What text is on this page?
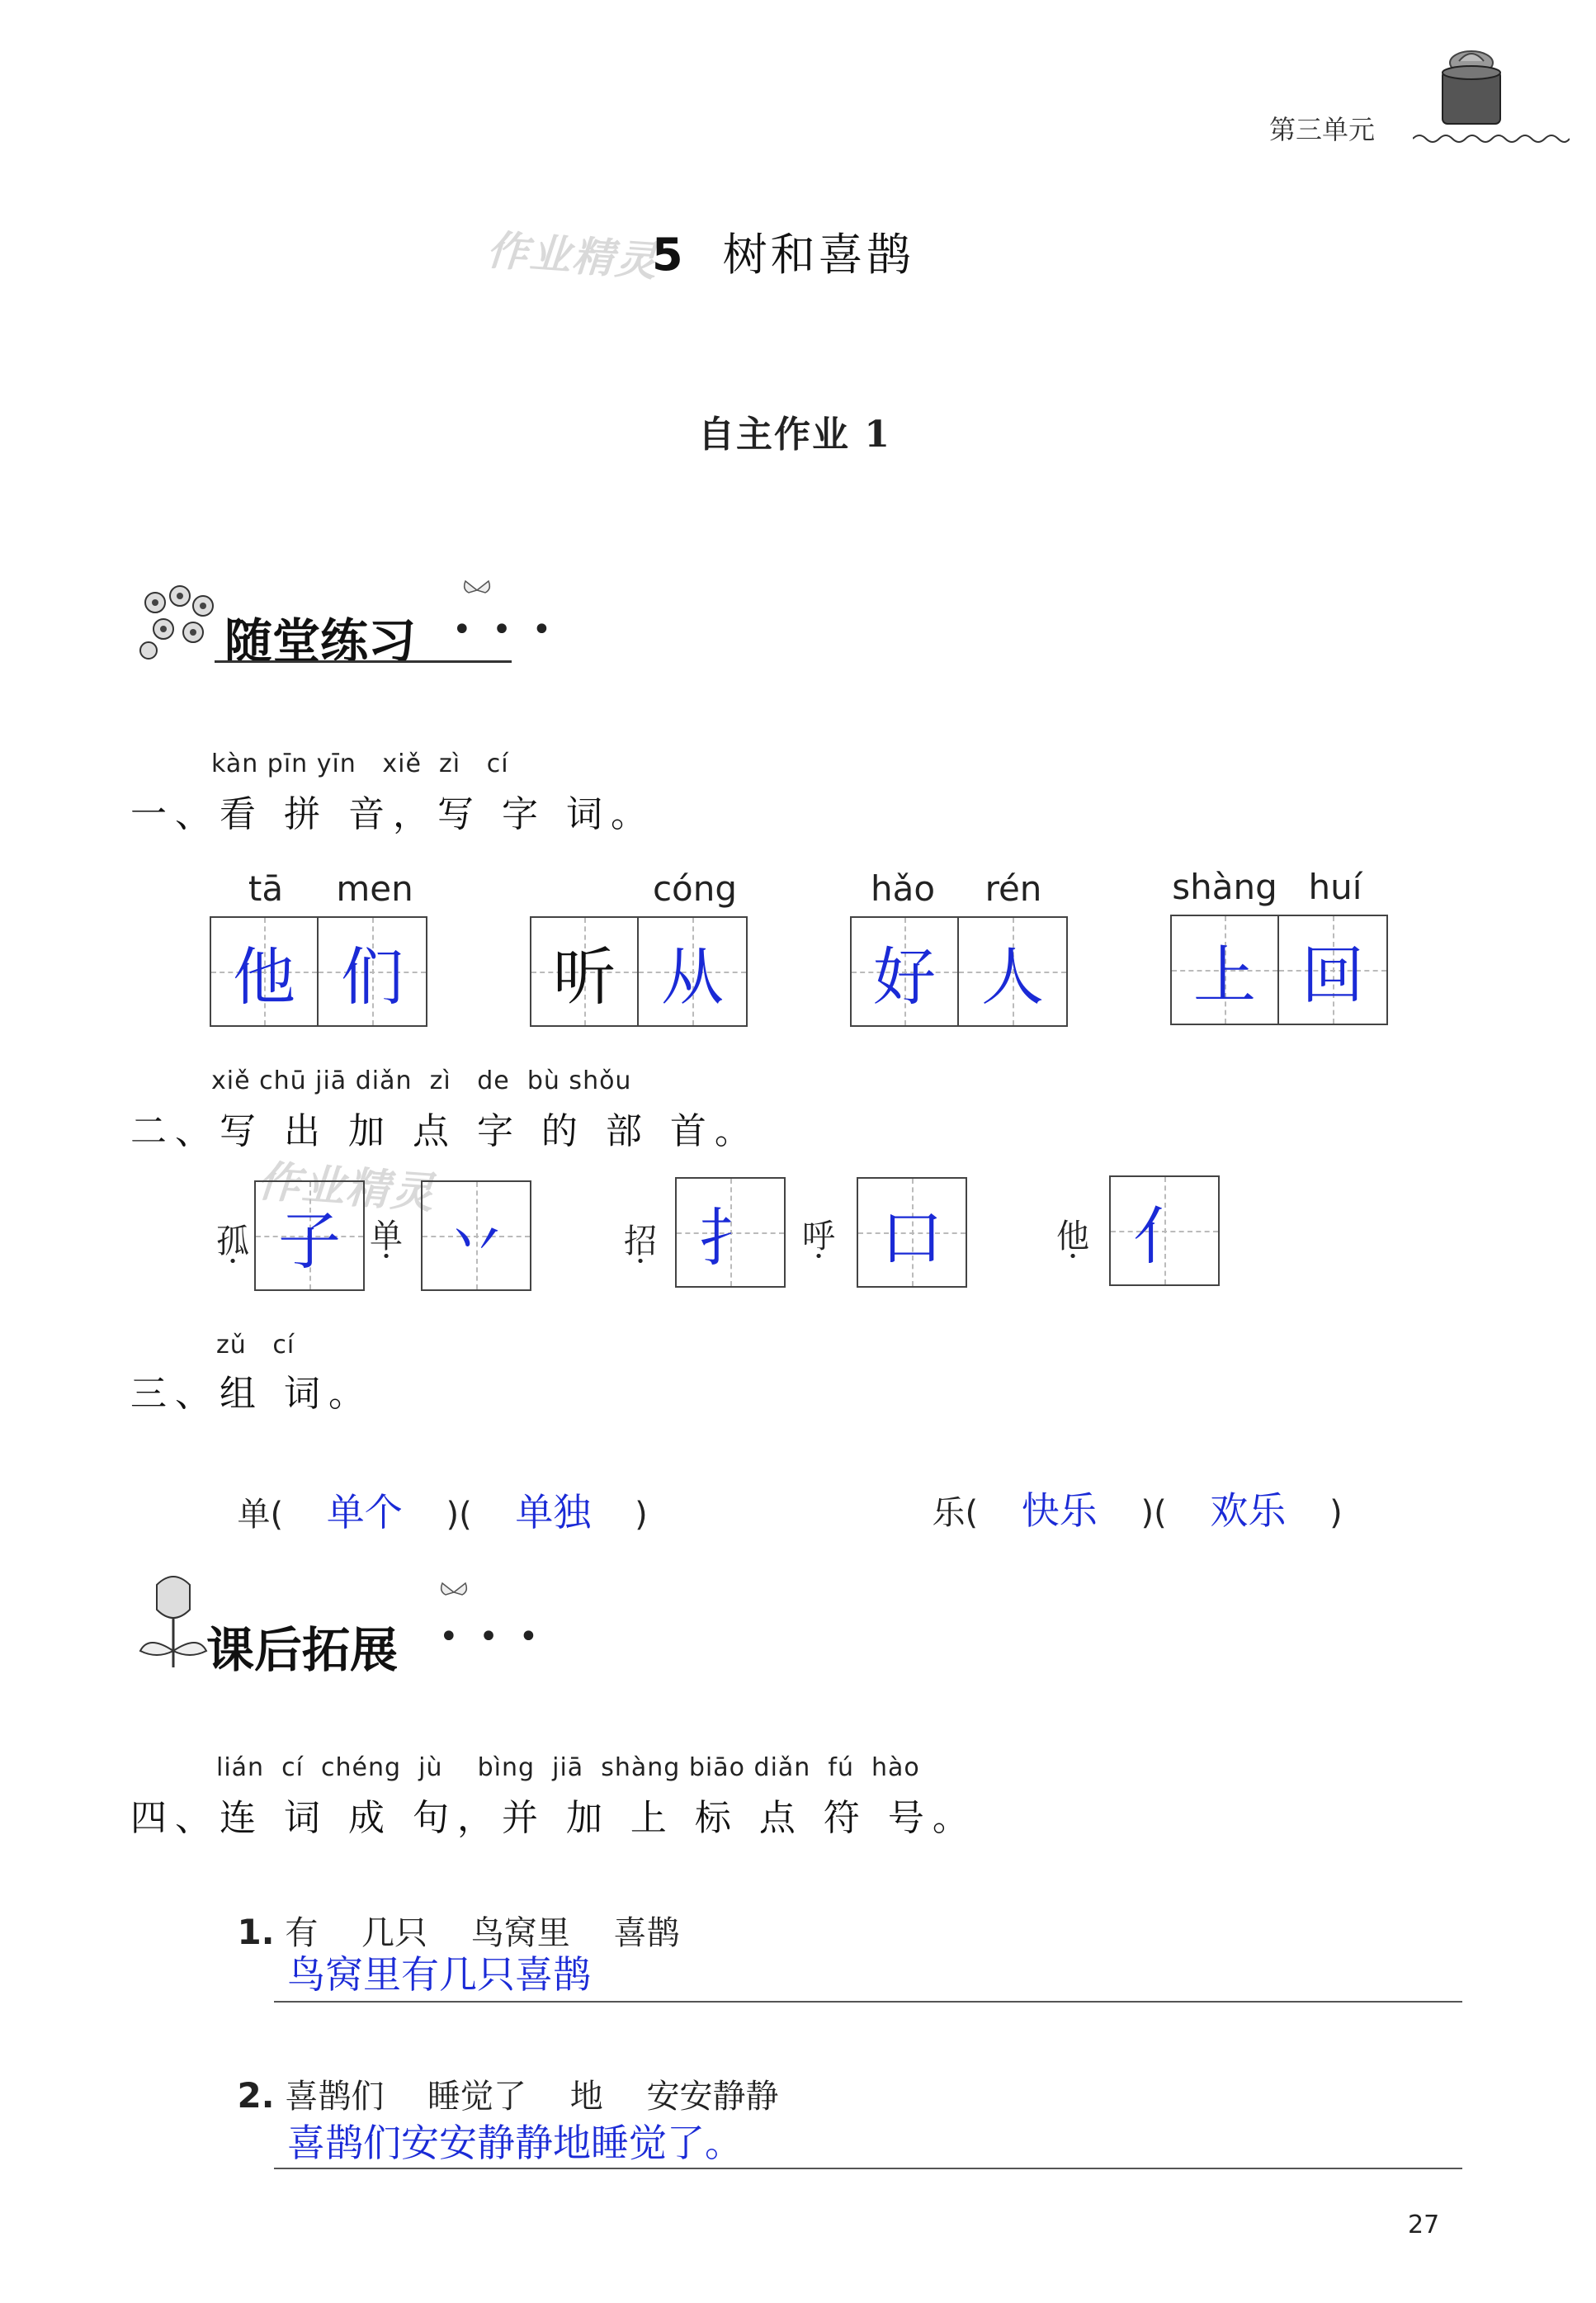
第三单元
作业精灵
5 树和喜鹊
自主作业 1
随堂练习 • • •
kàn pīn yīn   xiě  zì   cí
一、看 拼 音，写 字 词。
tā	men
他 们
cóng
听 从
hǎo	rén
好 人
shàng huí
上 回
xiě chū jiā diǎn  zì   de  bù shǒu
二、写 出 加 点 字 的 部 首。
作业精灵
孤 • 子 单 • 丷	招 • 扌 呼 • 口	他 • 亻
zǔ   cí
三、组 词。

单(　 单个　 )(　 单独　 )	乐(　 快乐　 )(　 欢乐　 )

课后拓展 • • •
lián  cí  chéng  jù    bìng  jiā  shàng biāo diǎn  fú  hào
四、连 词 成 句，并 加 上 标 点 符 号。

1. 有　 几只　 鸟窝里　 喜鹊

鸟窝里有几只喜鹊

2. 喜鹊们　 睡觉了　 地　 安安静静

喜鹊们安安静静地睡觉了。
27
